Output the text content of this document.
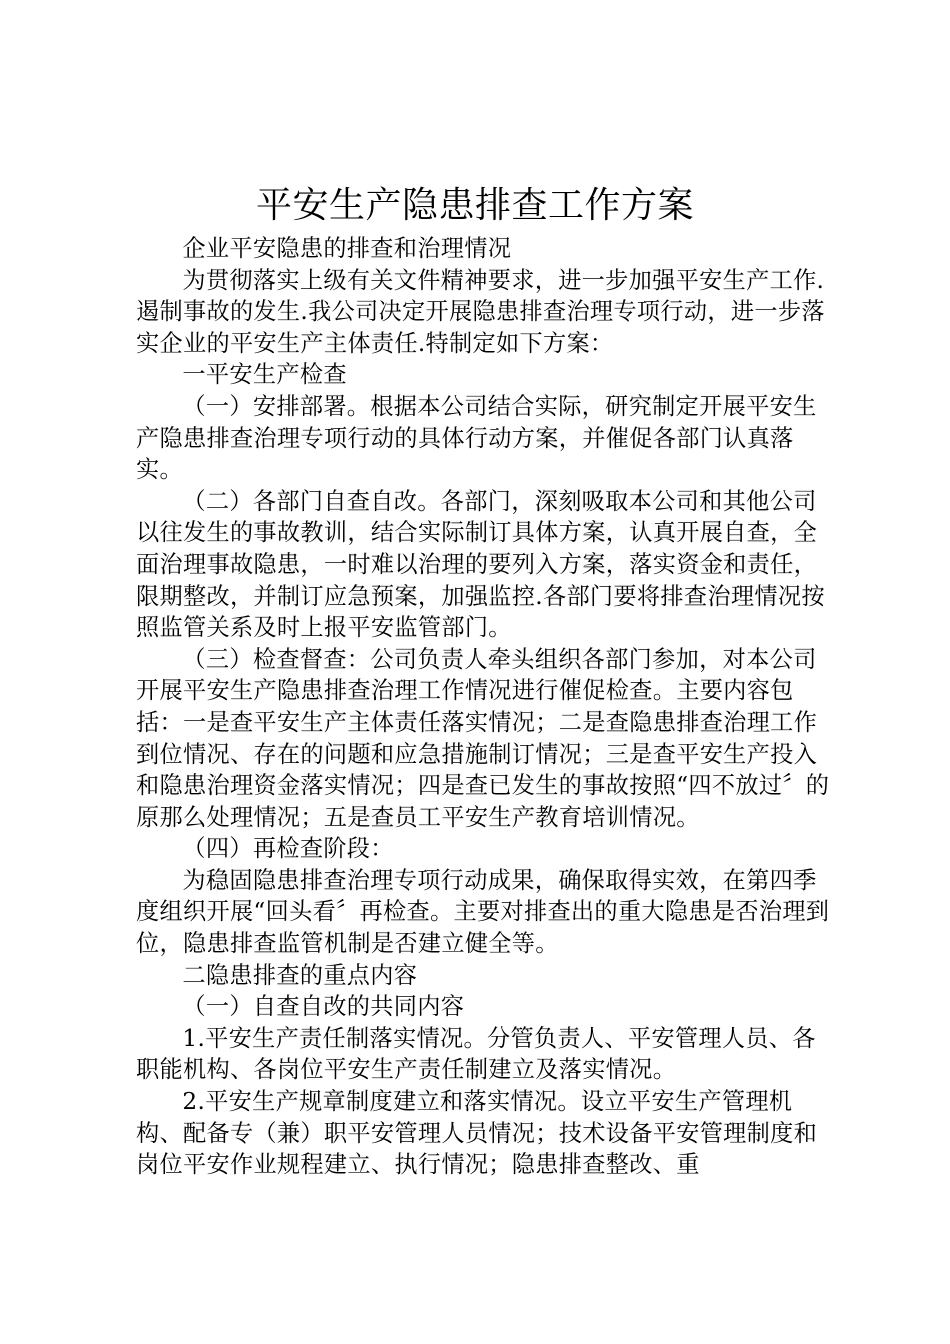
平安生产隐患排查工作方案

企业平安隐患的排查和治理情况

为贯彻落实上级有关文件精神要求，进一步加强平安生产工作.遏制事故的发生.我公司决定开展隐患排查治理专项行动，进一步落实企业的平安生产主体责任.特制定如下方案：

一平安生产检查

（一）安排部署。根据本公司结合实际，研究制定开展平安生产隐患排查治理专项行动的具体行动方案，并催促各部门认真落实。

（二）各部门自查自改。各部门，深刻吸取本公司和其他公司以往发生的事故教训，结合实际制订具体方案，认真开展自查，全面治理事故隐患，一时难以治理的要列入方案，落实资金和责任，限期整改，并制订应急预案，加强监控.各部门要将排查治理情况按照监管关系及时上报平安监管部门。

（三）检查督查：公司负责人牵头组织各部门参加，对本公司开展平安生产隐患排查治理工作情况进行催促检查。主要内容包括：一是查平安生产主体责任落实情况；二是查隐患排查治理工作到位情况、存在的问题和应急措施制订情况；三是查平安生产投入和隐患治理资金落实情况；四是查已发生的事故按照“四不放过〞的原那么处理情况；五是查员工平安生产教育培训情况。

（四）再检查阶段：

为稳固隐患排查治理专项行动成果，确保取得实效，在第四季度组织开展“回头看〞再检查。主要对排查出的重大隐患是否治理到位，隐患排查监管机制是否建立健全等。

二隐患排查的重点内容

（一）自查自改的共同内容

1.平安生产责任制落实情况。分管负责人、平安管理人员、各职能机构、各岗位平安生产责任制建立及落实情况。

2.平安生产规章制度建立和落实情况。设立平安生产管理机构、配备专（兼）职平安管理人员情况；技术设备平安管理制度和岗位平安作业规程建立、执行情况；隐患排查整改、重
